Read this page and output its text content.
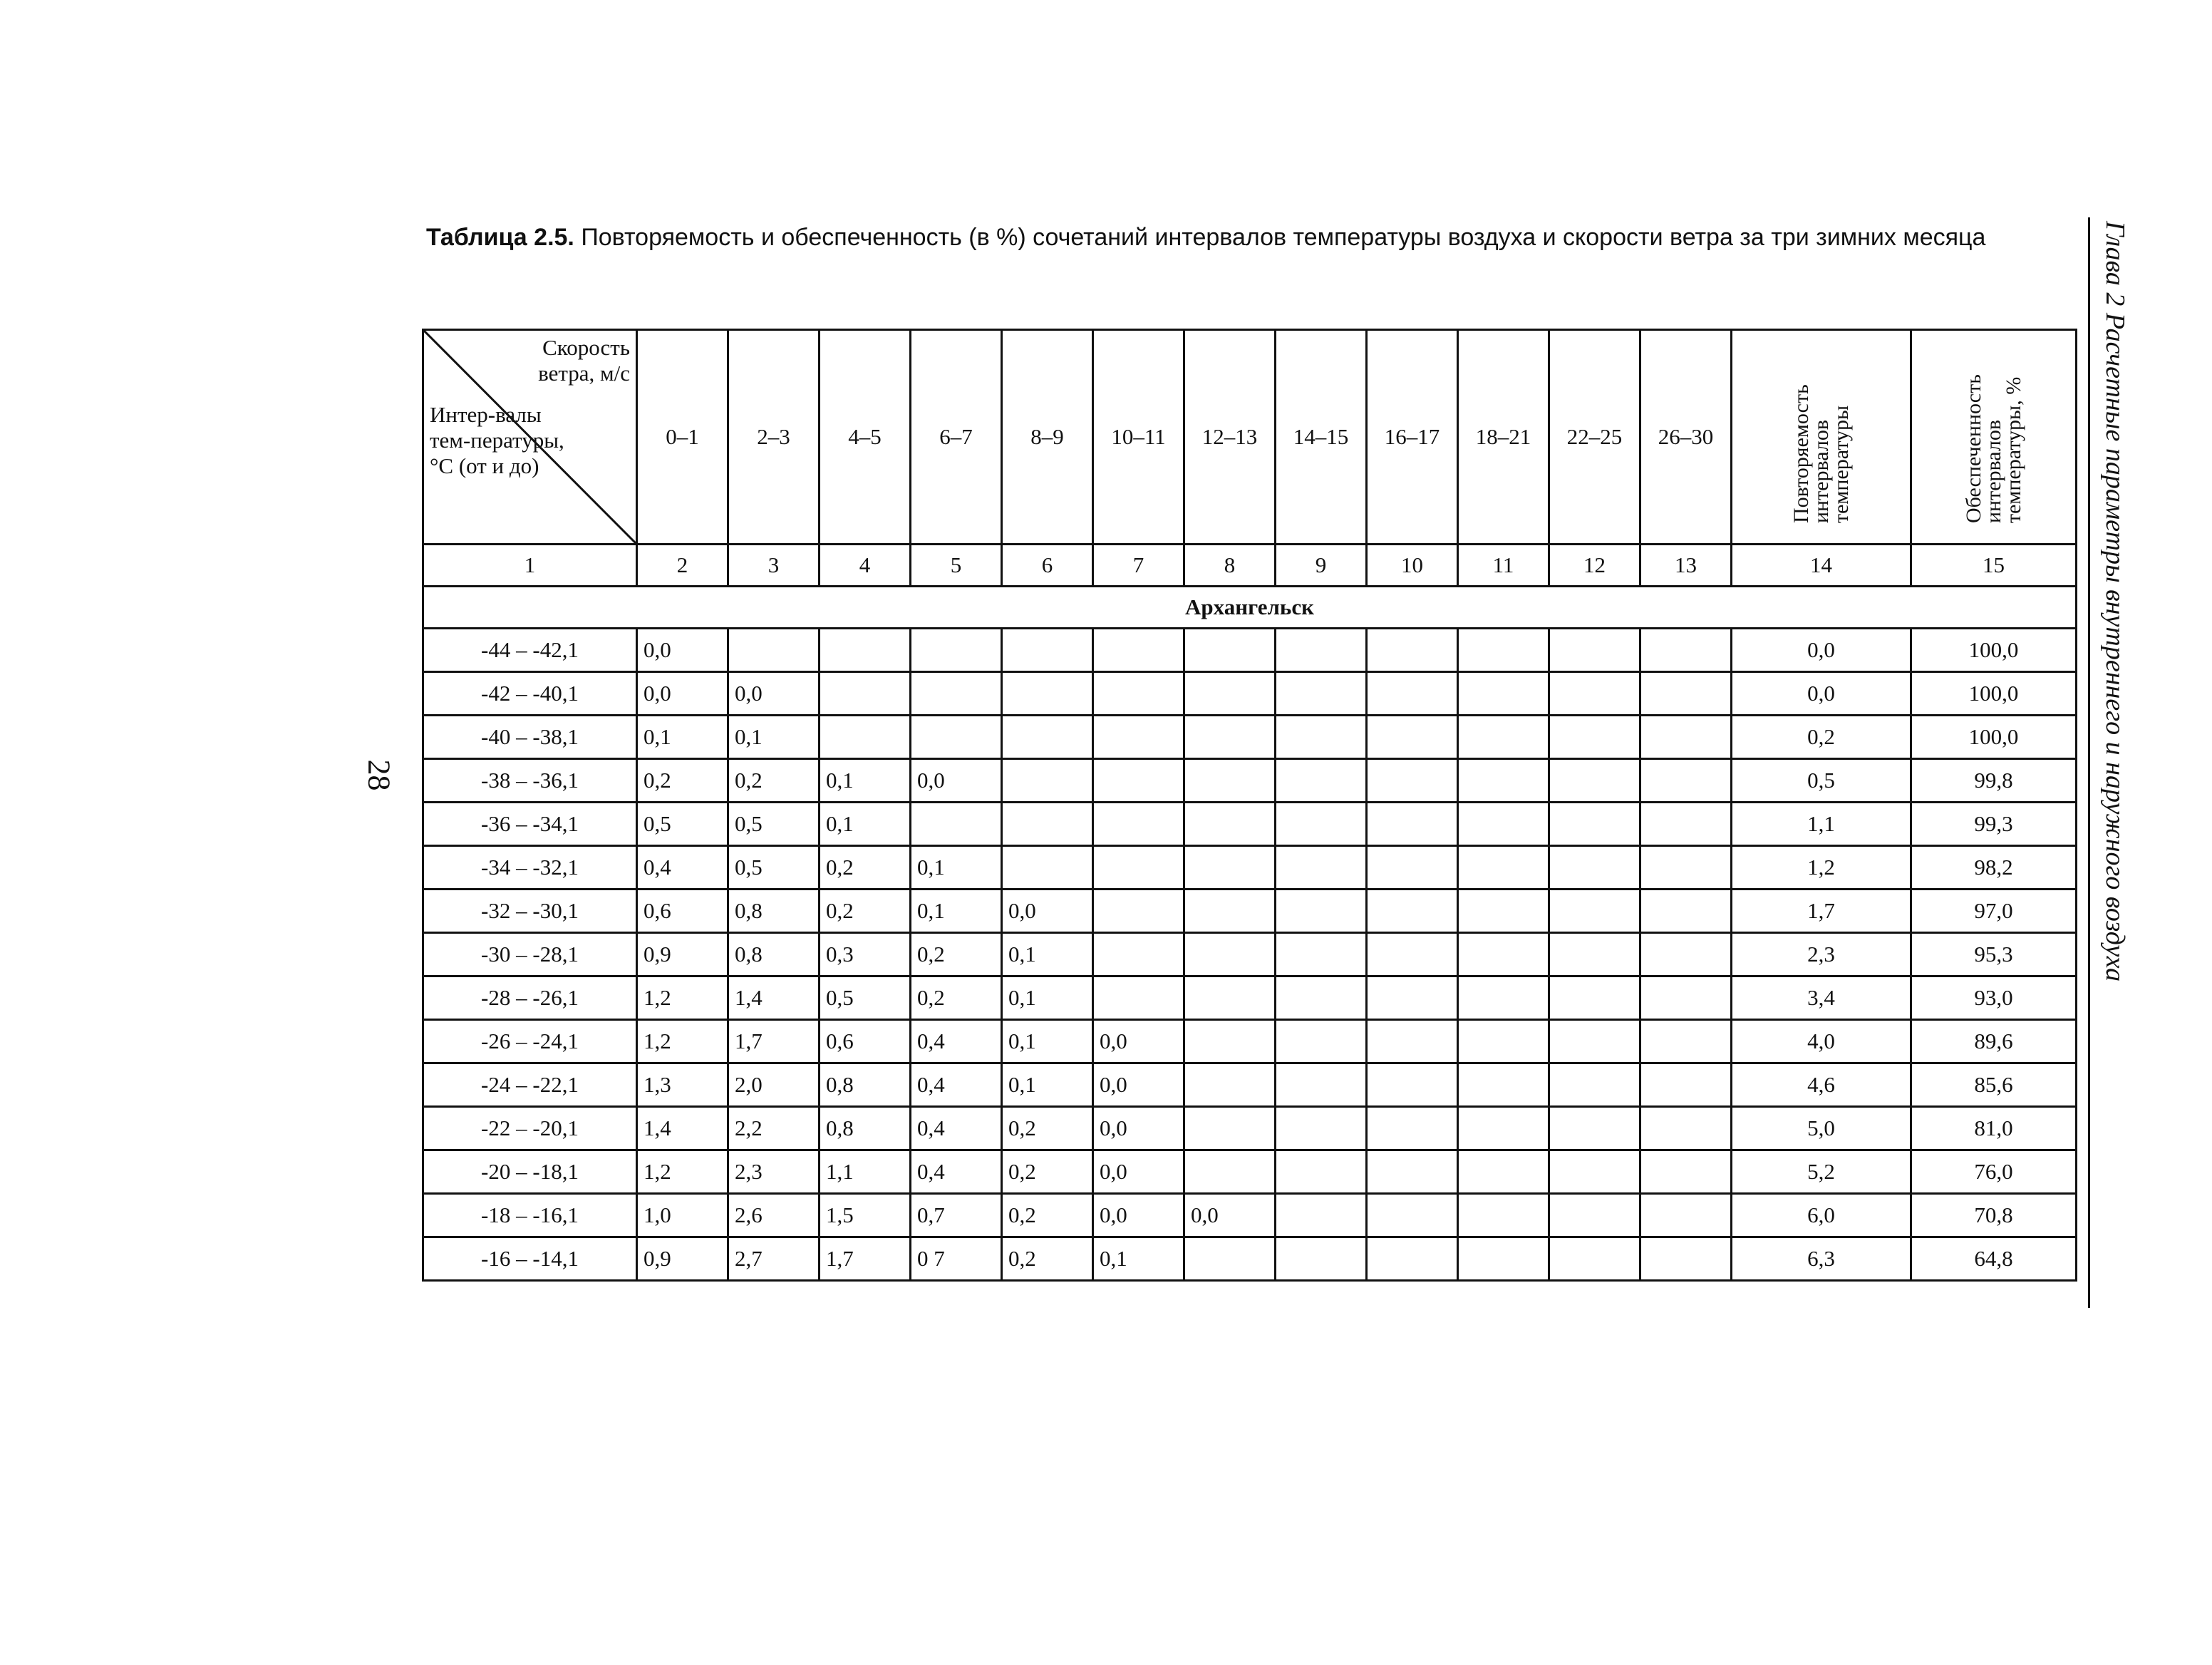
28
Таблица 2.5. Повторяемость и обеспеченность (в %) сочетаний интервалов температуры воздуха и скорости ветра за три зимних месяца
Скорость ветра, м/с
Интер-валы тем-пературы, °С (от и до)	0–1	2–3	4–5	6–7	8–9	10–11	12–13	14–15	16–17	18–21	22–25	26–30	Повторяемость интервалов температуры	Обеспеченность интервалов температуры, %
1	2	3	4	5	6	7	8	9	10	11	12	13	14	15
Архангельск														
-44 – -42,1	0,0												0,0	100,0
-42 – -40,1	0,0	0,0											0,0	100,0
-40 – -38,1	0,1	0,1											0,2	100,0
-38 – -36,1	0,2	0,2	0,1	0,0									0,5	99,8
-36 – -34,1	0,5	0,5	0,1										1,1	99,3
-34 – -32,1	0,4	0,5	0,2	0,1									1,2	98,2
-32 – -30,1	0,6	0,8	0,2	0,1	0,0								1,7	97,0
-30 – -28,1	0,9	0,8	0,3	0,2	0,1								2,3	95,3
-28 – -26,1	1,2	1,4	0,5	0,2	0,1								3,4	93,0
-26 – -24,1	1,2	1,7	0,6	0,4	0,1	0,0							4,0	89,6
-24 – -22,1	1,3	2,0	0,8	0,4	0,1	0,0							4,6	85,6
-22 – -20,1	1,4	2,2	0,8	0,4	0,2	0,0							5,0	81,0
-20 – -18,1	1,2	2,3	1,1	0,4	0,2	0,0							5,2	76,0
-18 – -16,1	1,0	2,6	1,5	0,7	0,2	0,0	0,0						6,0	70,8
-16 – -14,1	0,9	2,7	1,7	0 7	0,2	0,1							6,3	64,8
Глава 2 Расчетные параметры внутреннего и наружного воздуха
